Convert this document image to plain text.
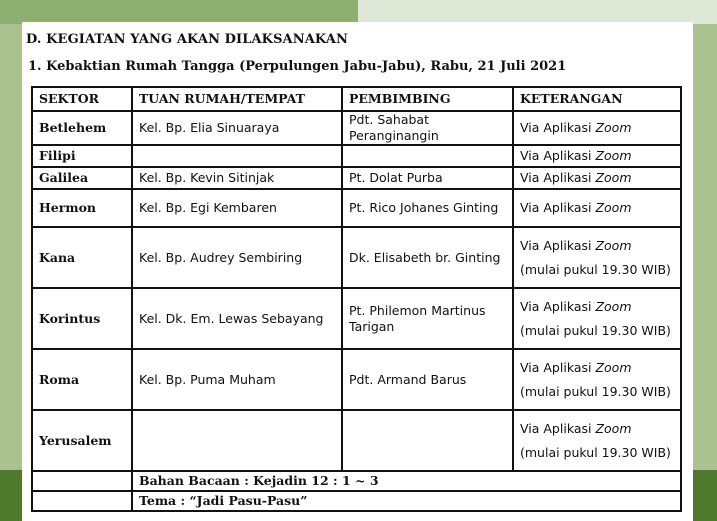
D. KEGIATAN YANG AKAN DILAKSANAKAN
1. Kebaktian Rumah Tangga (Perpulungen Jabu-Jabu), Rabu, 21 Juli 2021
SEKTOR	TUAN RUMAH/TEMPAT	PEMBIMBING	KETERANGAN
Betlehem	Kel. Bp. Elia Sinuaraya	Pdt. Sahabat Peranginangin	Via Aplikasi Zoom

Filipi			Via Aplikasi Zoom

Galilea	Kel. Bp. Kevin Sitinjak	Pt. Dolat Purba	Via Aplikasi Zoom

Hermon	Kel. Bp. Egi Kembaren	Pt. Rico Johanes Ginting	Via Aplikasi Zoom

Kana	Kel. Bp. Audrey Sembiring	Dk. Elisabeth br. Ginting	Via Aplikasi Zoom
(mulai pukul 19.30 WIB)

Korintus	Kel. Dk. Em. Lewas Sebayang	Pt. Philemon Martinus Tarigan	Via Aplikasi Zoom
(mulai pukul 19.30 WIB)

Roma	Kel. Bp. Puma Muham	Pdt. Armand Barus	Via Aplikasi Zoom
(mulai pukul 19.30 WIB)

Yerusalem			Via Aplikasi Zoom
(mulai pukul 19.30 WIB)

	Bahan Bacaan : Kejadin 12 : 1 ~ 3		
	Tema : “Jadi Pasu-Pasu”		
